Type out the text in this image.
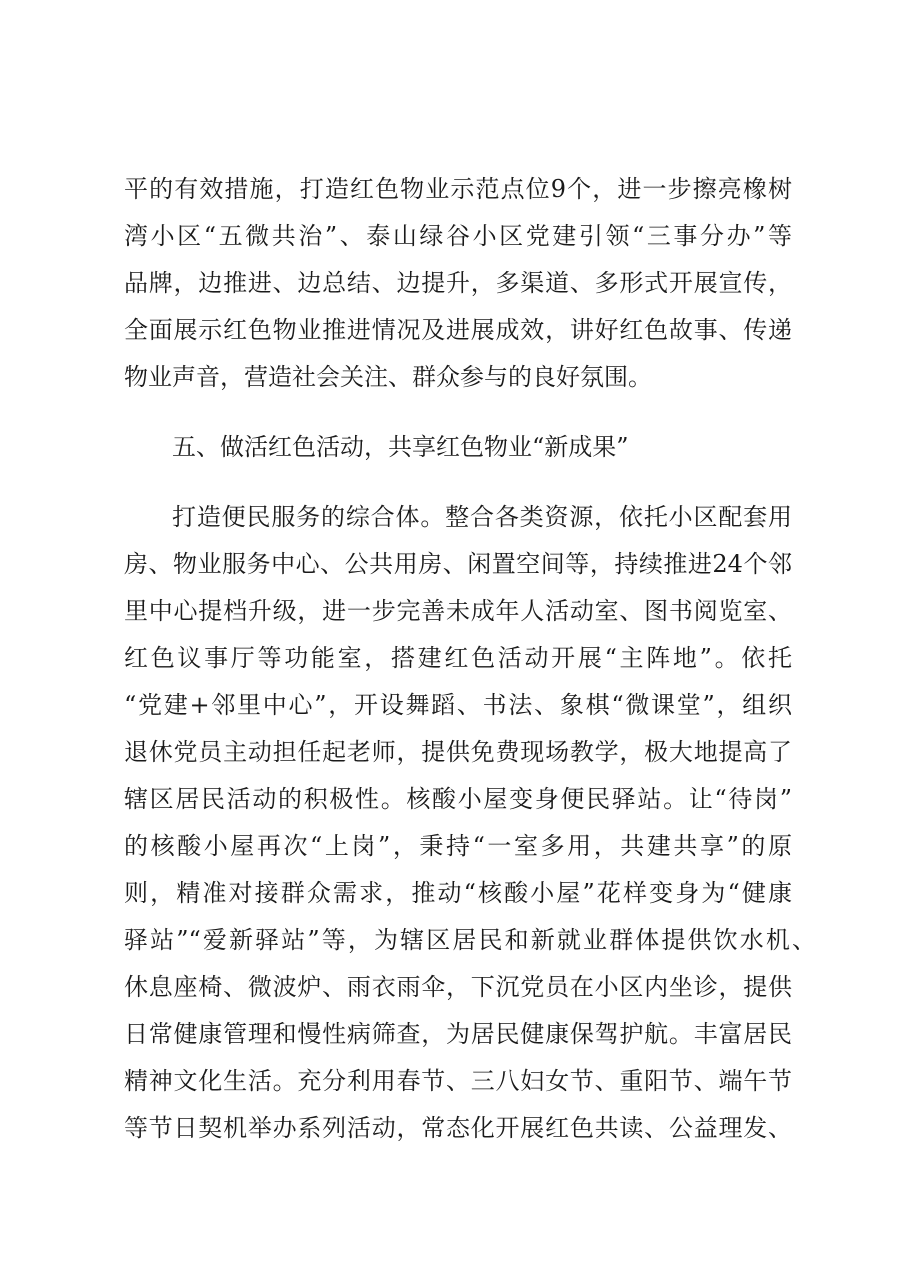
平的有效措施，打造红色物业示范点位9个，进一步擦亮橡树
湾小区“五微共治”、泰山绿谷小区党建引领“三事分办”等
品牌，边推进、边总结、边提升，多渠道、多形式开展宣传，
全面展示红色物业推进情况及进展成效，讲好红色故事、传递
物业声音，营造社会关注、群众参与的良好氛围。
五、做活红色活动，共享红色物业“新成果”
打造便民服务的综合体。整合各类资源，依托小区配套用
房、物业服务中心、公共用房、闲置空间等，持续推进24个邻
里中心提档升级，进一步完善未成年人活动室、图书阅览室、
红色议事厅等功能室，搭建红色活动开展“主阵地”。依托
“党建+邻里中心”，开设舞蹈、书法、象棋“微课堂”，组织
退休党员主动担任起老师，提供免费现场教学，极大地提高了
辖区居民活动的积极性。核酸小屋变身便民驿站。让“待岗”
的核酸小屋再次“上岗”，秉持“一室多用，共建共享”的原
则，精准对接群众需求，推动“核酸小屋”花样变身为“健康
驿站”“爱新驿站”等，为辖区居民和新就业群体提供饮水机、
休息座椅、微波炉、雨衣雨伞，下沉党员在小区内坐诊，提供
日常健康管理和慢性病筛查，为居民健康保驾护航。丰富居民
精神文化生活。充分利用春节、三八妇女节、重阳节、端午节
等节日契机举办系列活动，常态化开展红色共读、公益理发、
